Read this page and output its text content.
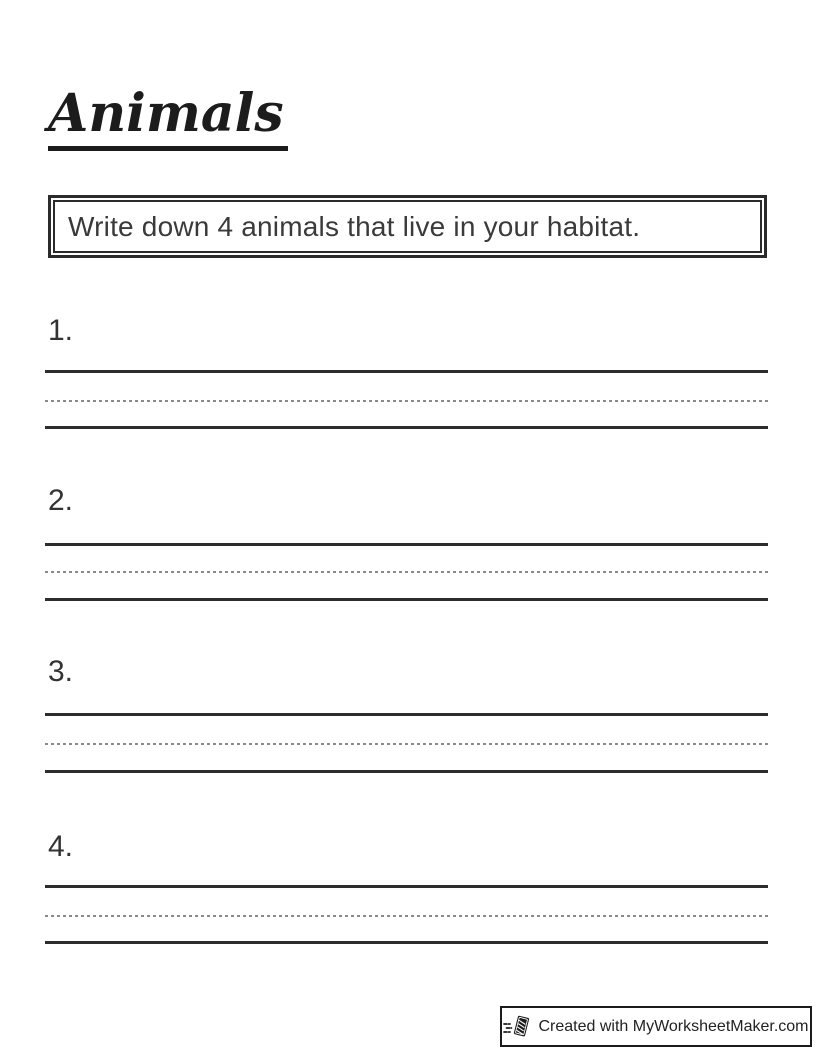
Animals
Write down 4 animals that live in your habitat.
1.
2.
3.
4.
Created with MyWorksheetMaker.com
